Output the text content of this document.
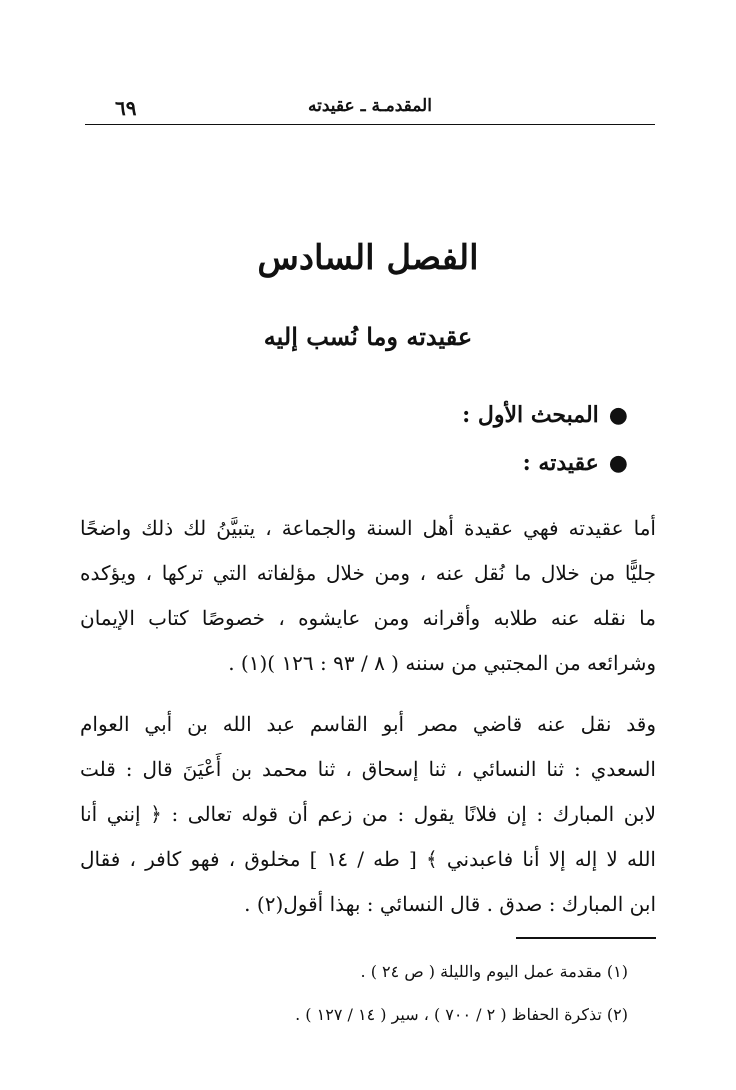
٦٩	المقدمـة ـ عقيدته
الفصل السادس
عقيدته وما نُسب إليه
●المبحث الأول :
●عقيدته :
أما عقيدته فهي عقيدة أهل السنة والجماعة ، يتبيَّنُ لك ذلك واضحًا
جليًّا من خلال ما نُقل عنه ، ومن خلال مؤلفاته التي تركها ، ويؤكده
ما نقله عنه طلابه وأقرانه ومن عايشوه ، خصوصًا كتاب الإيمان
وشرائعه من المجتبي من سننه ( ٨ / ٩٣ : ١٢٦ )(١) .
وقد نقل عنه قاضي مصر أبو القاسم عبد الله بن أبي العوام
السعدي : ثنا النسائي ، ثنا إسحاق ، ثنا محمد بن أَعْيَنَ قال : قلت
لابن المبارك : إن فلانًا يقول : من زعم أن قوله تعالى : ﴿ إنني أنا
الله لا إله إلا أنا فاعبدني ﴾ [ طه / ١٤ ] مخلوق ، فهو كافر ، فقال
ابن المبارك : صدق . قال النسائي : بهذا أقول(٢) .
(١) مقدمة عمل اليوم والليلة ( ص ٢٤ ) .
(٢) تذكرة الحفاظ ( ٢ / ٧٠٠ ) ، سير ( ١٤ / ١٢٧ ) .
